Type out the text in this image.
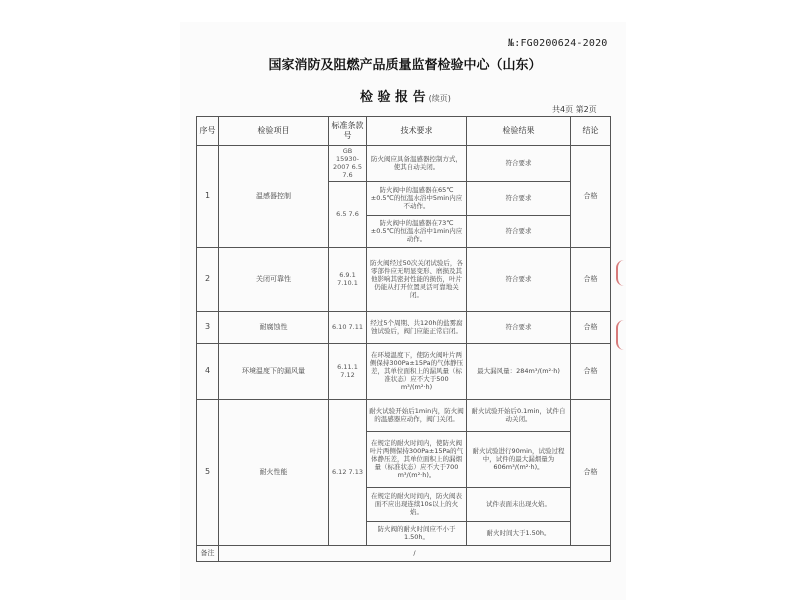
№:FG0200624-2020
国家消防及阻燃产品质量监督检验中心（山东）
检 验 报 告 (续页)
共4页 第2页
序号	检验项目	标准条款号	技术要求	检验结果	结论
1	温感器控制	GB 15930-2007 6.5 7.6	防火阀应具备温感器控制方式，使其自动关闭。	符合要求	合格
		6.5 7.6	防火阀中的温感器在65℃±0.5℃的恒温水浴中5min内应不动作。	符合要求	
			防火阀中的温感器在73℃±0.5℃的恒温水浴中1min内应动作。	符合要求	
2	关闭可靠性	6.9.1 7.10.1	防火阀经过50次关闭试验后，各零部件应无明显变形、磨损及其他影响其密封性能的损伤，叶片仍能从打开位置灵活可靠地关闭。	符合要求	合格
3	耐腐蚀性	6.10 7.11	经过5个周期、共120h的盐雾腐蚀试验后，阀门应能正常启闭。	符合要求	合格
4	环境温度下的漏风量	6.11.1 7.12	在环境温度下，使防火阀叶片两侧保持300Pa±15Pa的气体静压差，其单位面积上的漏风量（标准状态）应不大于500 m³/(m²·h)	最大漏风量：284m³/(m²·h)	合格
5	耐火性能	6.12 7.13	耐火试验开始后1min内，防火阀的温感器应动作，阀门关闭。	耐火试验开始后0.1min，试件自动关闭。	合格
			在规定的耐火时间内，使防火阀叶片两侧保持300Pa±15Pa的气体静压差，其单位面积上的漏烟量（标准状态）应不大于700 m³/(m²·h)。	耐火试验进行90min，试验过程中，试件的最大漏烟量为606m³/(m²·h)。	
			在规定的耐火时间内，防火阀表面不应出现连续10s以上的火焰。	试件表面未出现火焰。	
			防火阀的耐火时间应不小于1.50h。	耐火时间大于1.50h。	
备注	/				
